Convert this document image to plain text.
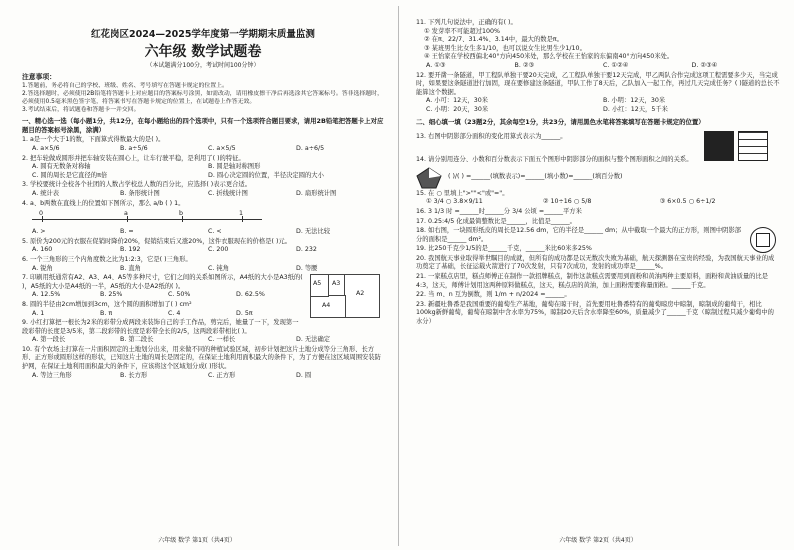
红花岗区2024—2025学年度第一学期期末质量监测
六年级 数学试题卷
（本试题满分100分，考试时间100分钟）
注意事项：
1.答题前，务必将自己的学校、班级、姓名、考号填写在答题卡规定的位置上。
2.答选择题时，必须使用2B铅笔将答题卡上对应题目的答案标号涂黑，如需改动，请用橡皮擦干净后再选涂其它答案标号。答非选择题时，必须使用0.5毫米黑色签字笔，将答案书写在答题卡规定的位置上，在试题卷上作答无效。
3.考试结束后，将试题卷和答题卡一并交回。
一、精心选一选（每小题1分，共12分，在每小题给出的四个选项中，只有一个选项符合题目要求，请用2B铅笔把答题卡上对应题目的答案标号涂黑，涂满）
1. a是一个大于1的数，下面算式得数最大的是( )。
A. a×5/6	B. a÷5/6	C. a×5/5	D. a÷6/5
2. 把车轮做成圆形并把车轴安装在圆心上，让车行驶平稳，是利用了( )的特征。
A. 圆有无数条对称轴	B. 圆是轴对称图形
C. 圆的周长是它直径的π倍	D. 圆心决定圆的位置，半径决定圆的大小
3. 学校要统计全校各个社团的人数占学校总人数的百分比，应选择( )表示更合适。
A. 统计表	B. 条形统计图	C. 折线统计图	D. 扇形统计图
4. a、b两数在直线上的位置如下图所示，那么 a/b ( ) 1。
0	a	b	1
A. >	B. =	C. <	D. 无法比较
5. 原价为200元的衣服在促销时降价20%，促销结束后又涨20%，这件衣服现在的价格是( )元。
A. 160	B. 192	C. 200	D. 232
6. 一个三角形的三个内角度数之比为1:2:3，它是( )三角形。
A. 锐角	B. 直角	C. 钝角	D. 等腰
A2
A3
A4
A5
7. 印刷用纸通常有A2、A3、A4、A5等多种尺寸，它们之间的关系如图所示，A4纸的大小是A3纸的( )，A5纸的大小是A4纸的一半，A5纸的大小是A2纸的( )。
A. 12.5%	B. 25%	C. 50%	D. 62.5%
8. 圆的半径由2cm增加到3cm，这个圆的面积增加了( ) cm²
A. 1	B. π	C. 4	D. 5π
9. 小红打算把一根长为2米的彩带分成两段来装饰自己的手工作品，剪完后，她量了一下，发现第一段彩带的长度是3/5米，第二段彩带的长度是彩带全长的2/5，这两段彩带相比( )。
A. 第一段长	B. 第二段长	C. 一样长	D. 无法确定
10. 有个农场主打算在一片面积固定的土地划分出来，用来做不同的种植试验区域，初步计划把这片土地分成等分三角形、长方形、正方形或圆形这样的形状，已知这片土地的周长是固定的，在保证土地利用面积最大的条件下，为了方便在这区域周围安装防护网，在保证土地利用面积最大的条件下，应该将这个区域划分成( )形状。
A. 等边三角形	B. 长方形	C. 正方形	D. 圆
六年级 数学 第1页（共4页）
11. 下列几句说法中，正确的有( )。
① 发芽率不可能超过100%
② 在π、22/7、31.4%、3.14中，最大的数是π。
③ 某班男生比女生多1/10，也可以说女生比男生少1/10。
④ 王怡家在学校西偏北40°方向450米处，那么学校在王怡家的东偏南40°方向450米处。
A. ①③	B. ②③	C. ①②④	D. ②③④
12. 要开凿一条隧道，甲工程队单独干要20天完成，乙工程队单独干要12天完成，甲乙两队合作完成这项工程需要多少天，当完成时，如果要这条隧道进行加固，现在要修建这条隧道，甲队工作了8天后，乙队加入一起工作，再过几天完成任务？( )隧道的总长不能算这个数据。
A. 小可：12天，30米	B. 小明：12天，30米
C. 小明：20天，30米	D. 小红：12天，5千米
二、细心填一填（23题2分，其余每空1分，共23分，请用黑色水笔将答案填写在答题卡规定的位置）
13. 右图中阴影部分面积的变化用算式表示为______。
14. 请分别用连分、小数和百分数表示下面五个图形中阴影部分的面积与整个图形面积之间的关系。
( )/( ) =______(填数表示)=______(填小数)=______(填百分数)
15. 在 ○ 里填上">""<"或"="。
① 3/4 ○ 3.8×9/11	② 10÷16 ○ 5/8	③ 6×0.5 ○ 6÷1/2
16. 3 1/3 时 =______时______分 3/4 公顷 =______平方米
17. 0.25:4/5 化成最简整数比是______，比值是______。
18. 如右图，一块圆形纸皮的周长是12.56 dm，它的半径是______ dm；从中截取一个最大的正方形，则图中阴影部分的面积是______ dm²。
19. 比250千克少1/5的是______千克，______米比60米多25%
20. 我国航天事业取得举世瞩目的成就，但所有的成功都是以无数次失败为基础，航天探测器在宝贵的经验，为我国航天事业的成功奠定了基础，长征运载火箭进行了70次发射，只有7次成功，发射的成功率是______%。
21. 一家糕点店里，糕点师傅正在制作一款招牌糕点，制作这款糕点需要用到面粉和黄油两种主要原料，面粉和黄油质量的比是4:3，这天，师傅计划用这两种原料做糕点，这天，糕点店的黄油，加上面粉需要称量面粉。______千克。
22. 当 m、n 互为倒数，则 1/m + n/2024 =______。
23. 新疆吐鲁番是我国重要的葡萄生产基地，葡萄在晾干时，首先要用吐鲁番特有的葡萄晾房中晾制，晾制成的葡萄干，相比100kg新鲜葡萄，葡萄在晾制中含水率为75%，晾制20天后含水率降至60%，质量减少了______千克（晾制过程只减少葡萄中的水分）
六年级 数学 第2页（共4页）
